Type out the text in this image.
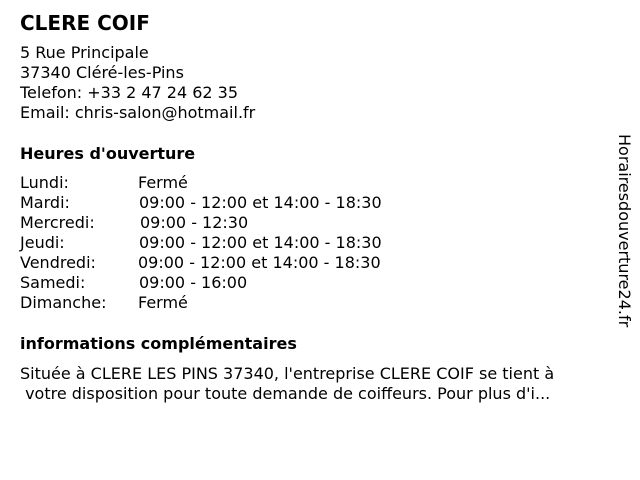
CLERE COIF
5 Rue Principale
37340 Cléré-les-Pins
Telefon: +33 2 47 24 62 35
Email: chris-salon@hotmail.fr
Heures d'ouverture
Lundi:	Fermé
Mardi:	09:00 - 12:00 et 14:00 - 18:30
Mercredi:	09:00 - 12:30
Jeudi:	09:00 - 12:00 et 14:00 - 18:30
Vendredi:	09:00 - 12:00 et 14:00 - 18:30
Samedi:	09:00 - 16:00
Dimanche: Fermé
informations complémentaires
Située à CLERE LES PINS 37340, l'entreprise CLERE COIF se tient à
votre disposition pour toute demande de coiffeurs. Pour plus d'i...
Horairesdouverture24.fr
